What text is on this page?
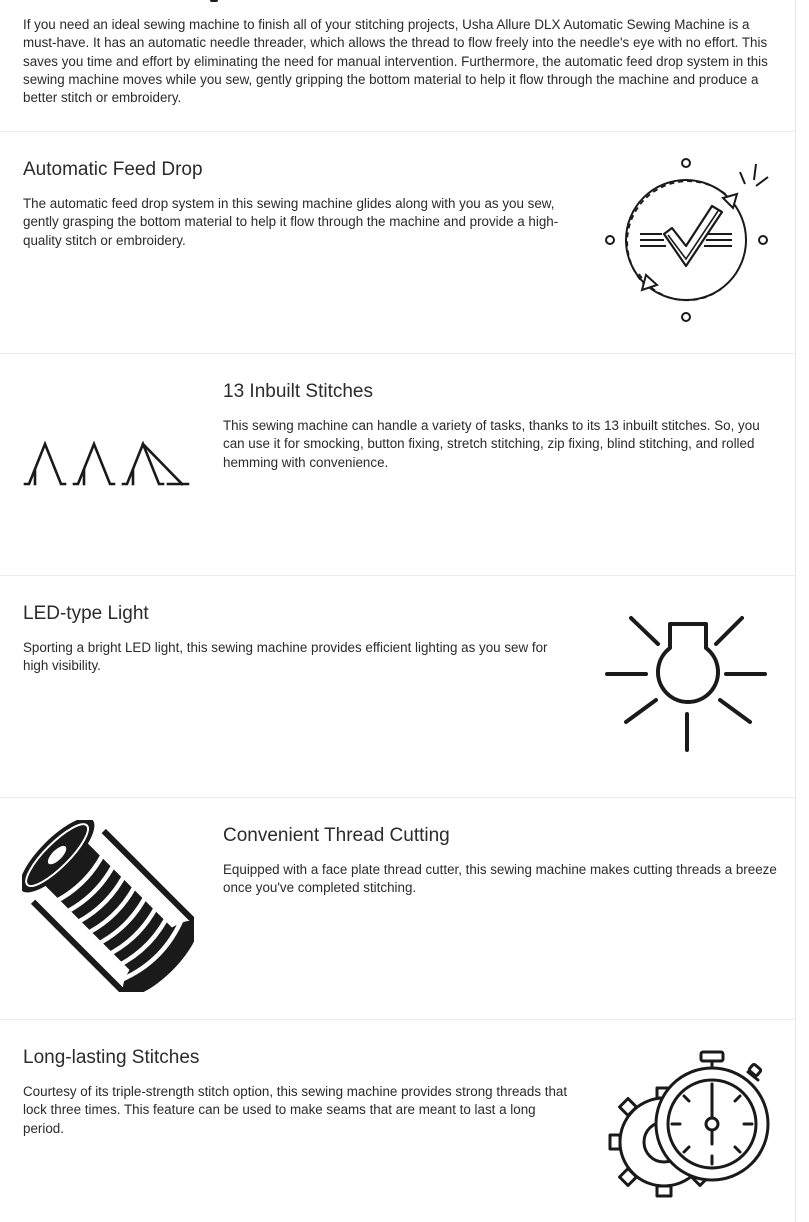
If you need an ideal sewing machine to finish all of your stitching projects, Usha Allure DLX Automatic Sewing Machine is a must-have. It has an automatic needle threader, which allows the thread to flow freely into the needle's eye with no effort. This saves you time and effort by eliminating the need for manual intervention. Furthermore, the automatic feed drop system in this sewing machine moves while you sew, gently gripping the bottom material to help it flow through the machine and produce a better stitch or embroidery.

Automatic Feed Drop

The automatic feed drop system in this sewing machine glides along with you as you sew, gently grasping the bottom material to help it flow through the machine and provide a high-quality stitch or embroidery.

13 Inbuilt Stitches

This sewing machine can handle a variety of tasks, thanks to its 13 inbuilt stitches. So, you can use it for smocking, button fixing, stretch stitching, zip fixing, blind stitching, and rolled hemming with convenience.

LED-type Light

Sporting a bright LED light, this sewing machine provides efficient lighting as you sew for high visibility.

Convenient Thread Cutting

Equipped with a face plate thread cutter, this sewing machine makes cutting threads a breeze once you've completed stitching.

Long-lasting Stitches

Courtesy of its triple-strength stitch option, this sewing machine provides strong threads that lock three times. This feature can be used to make seams that are meant to last a long period.
